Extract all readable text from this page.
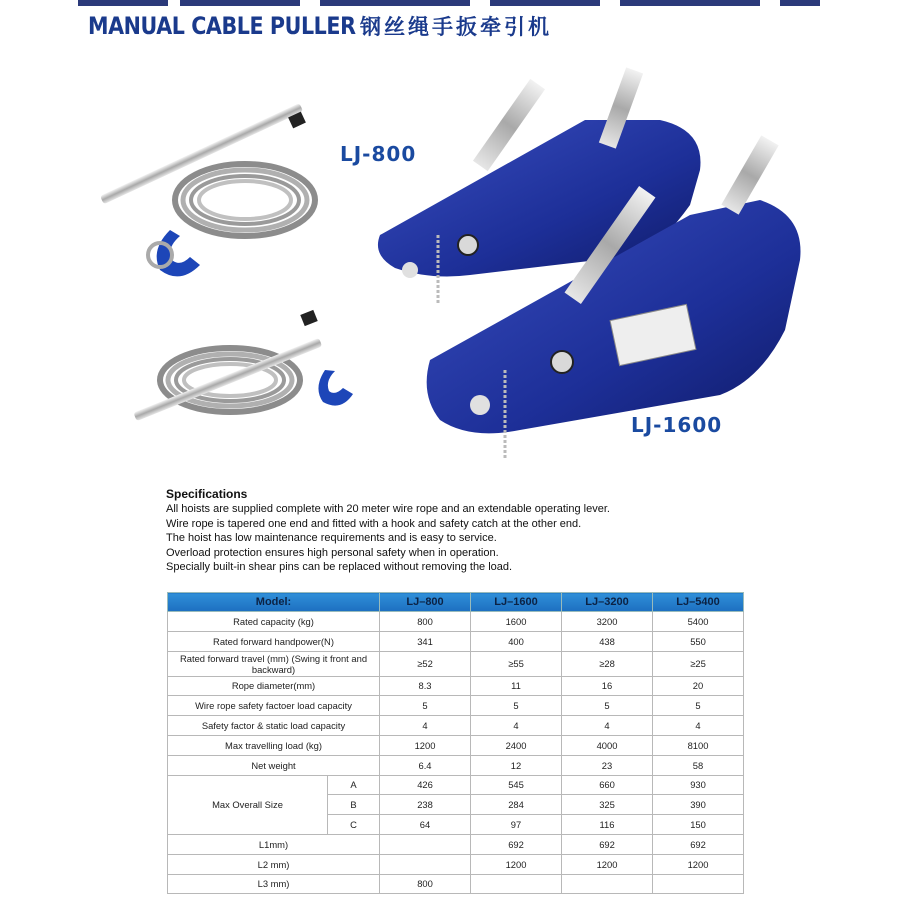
MANUAL CABLE PULLER 钢丝绳手扳牵引机
LJ-800
LJ-1600
Specifications
All hoists are supplied complete with 20 meter wire rope and an extendable operating lever.
Wire rope is tapered one end and fitted with a hook and safety catch at the other end.
The hoist has low maintenance requirements and is easy to service.
Overload protection ensures high personal safety when in operation.
Specially built-in shear pins can be replaced without removing the load.
Model:		LJ–800	LJ–1600	LJ–3200	LJ–5400
Rated capacity (kg)		800	1600	3200	5400
Rated forward handpower(N)		341	400	438	550
Rated forward travel (mm) (Swing it front and backward)		≥52	≥55	≥28	≥25
Rope diameter(mm)		8.3	11	16	20
Wire rope safety factoer load capacity		5	5	5	5
Safety factor & static load capacity		4	4	4	4
Max travelling load (kg)		1200	2400	4000	8100
Net weight		6.4	12	23	58
Max Overall Size	A	426	545	660	930
	B	238	284	325	390
	C	64	97	116	150
L1mm)			692	692	692
L2 mm)			1200	1200	1200
L3 mm)		800			
